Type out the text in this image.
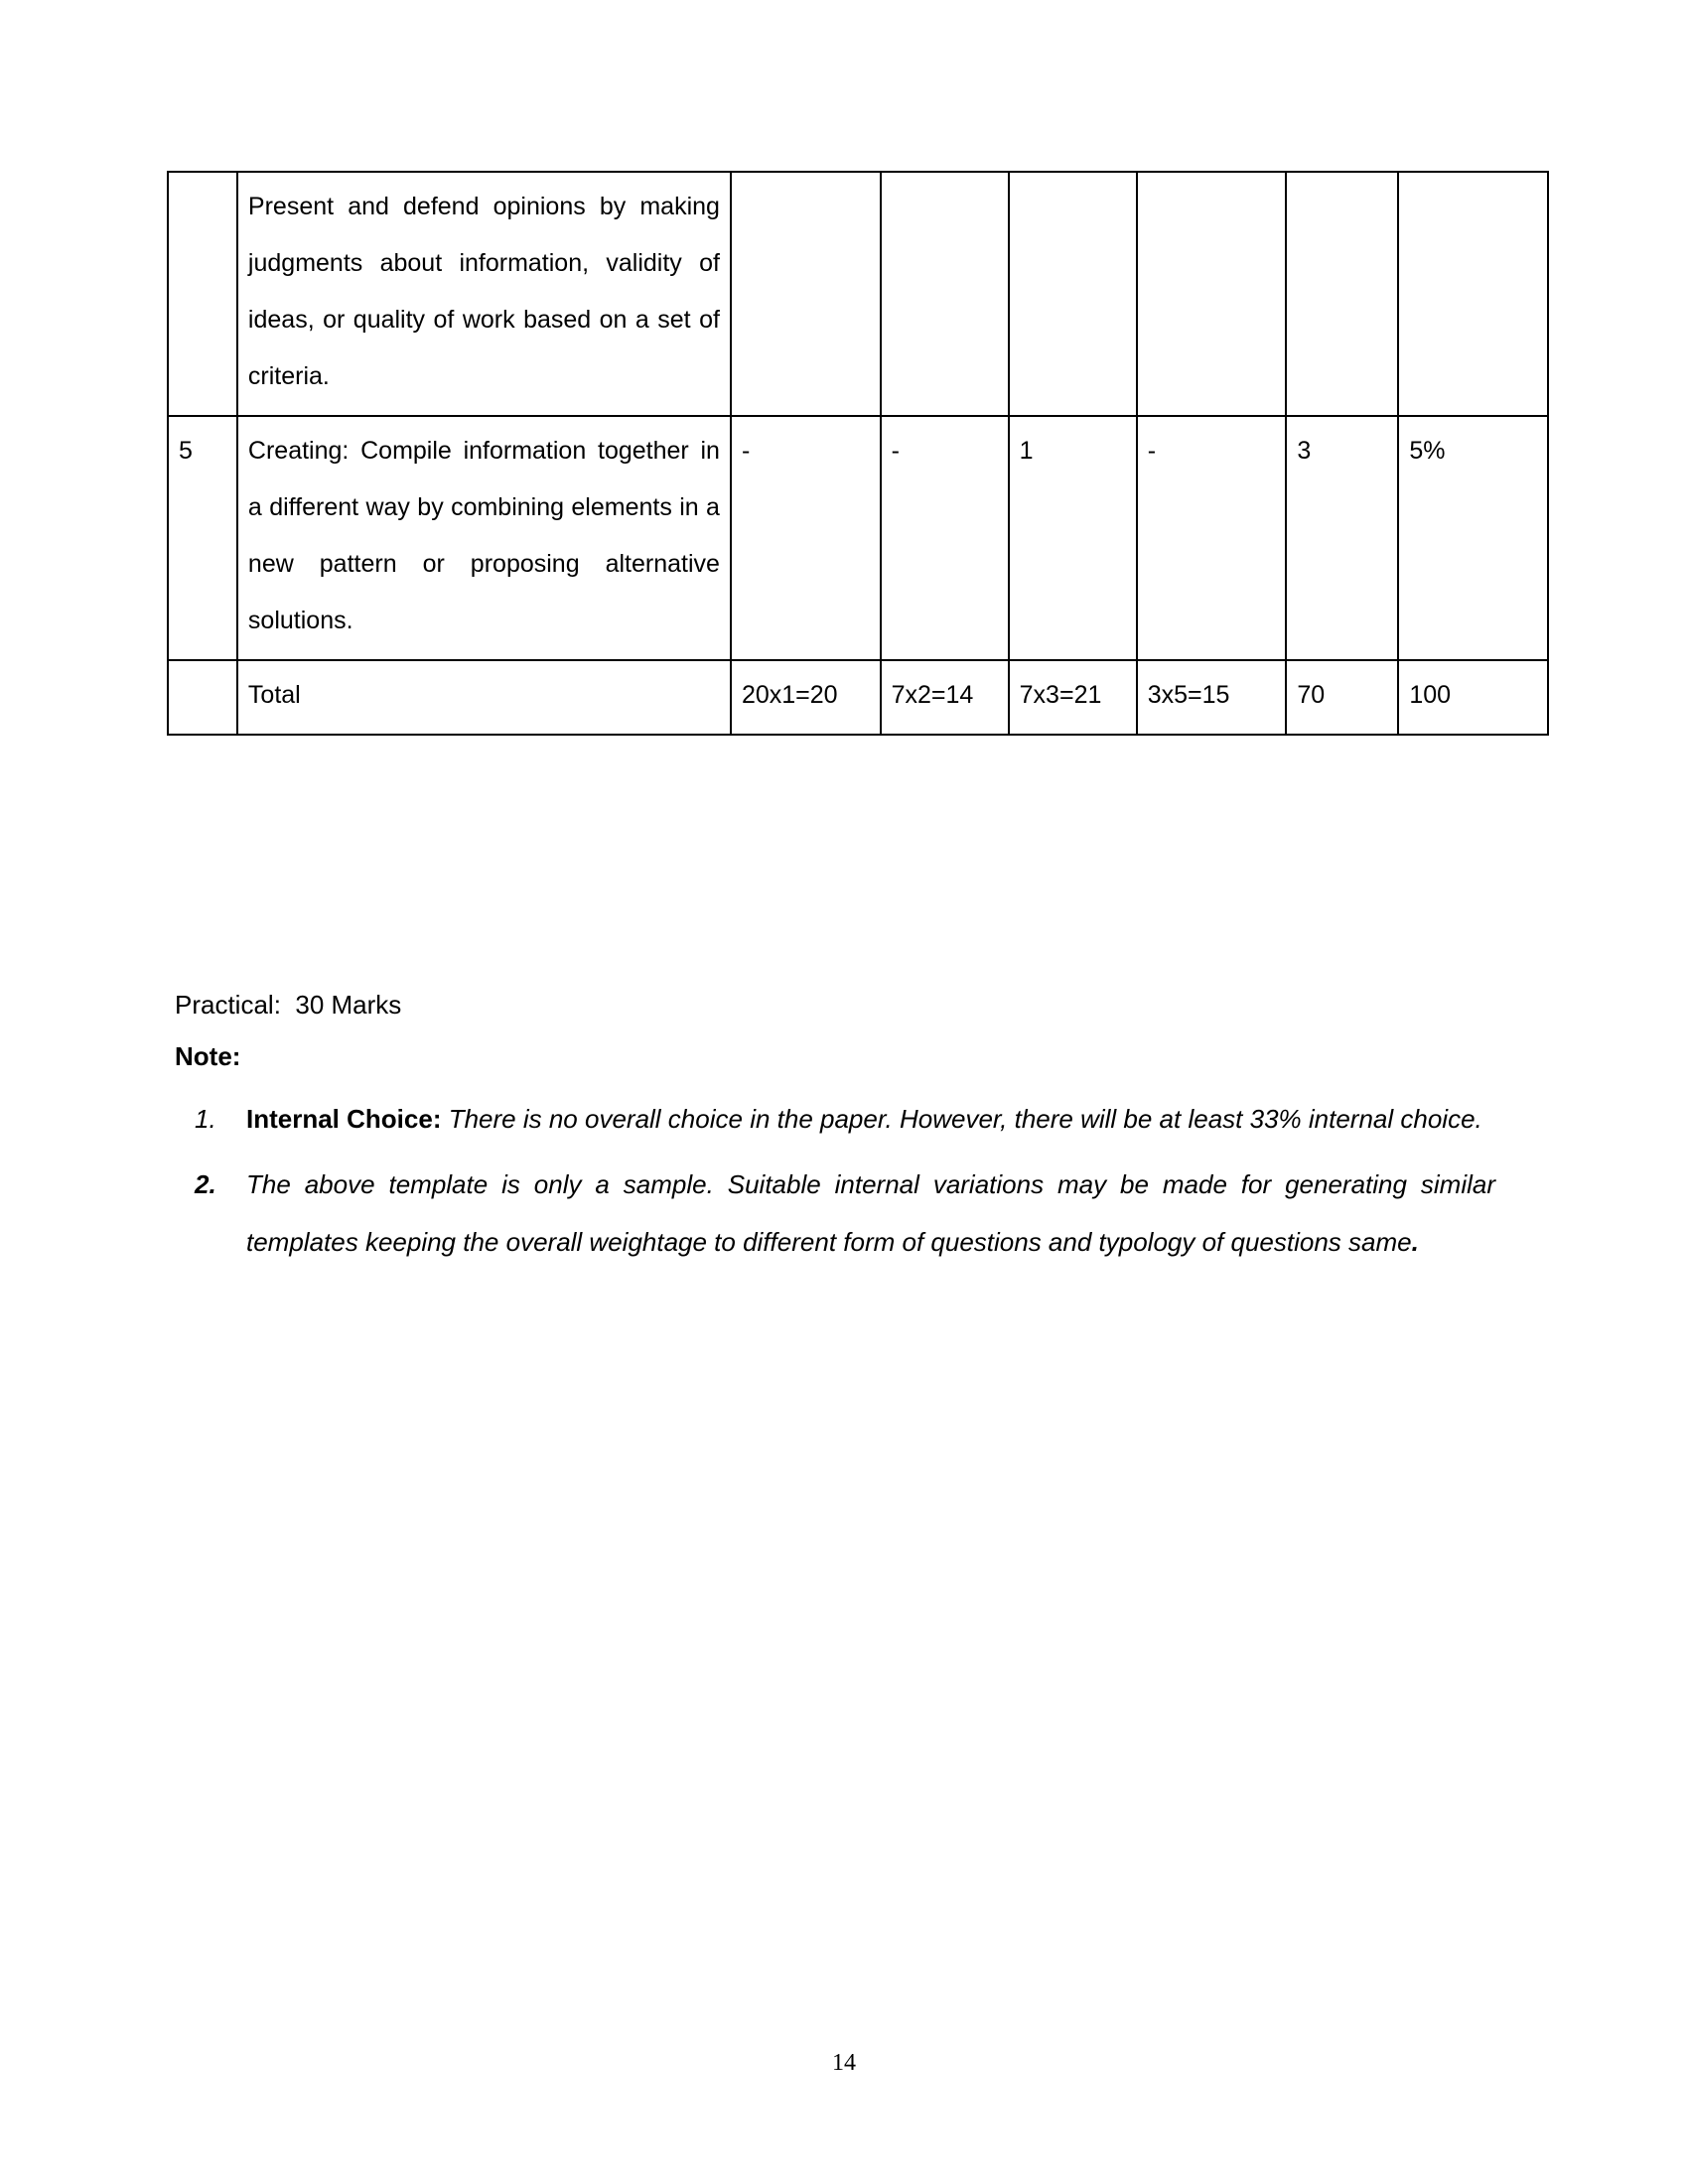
	Present and defend opinions by making judgments about information, validity of ideas, or quality of work based on a set of criteria.						
5	Creating: Compile information together in a different way by combining elements in a new pattern or proposing alternative solutions.	-	-	1	-	3	5%
	Total	20x1=20	7x2=14	7x3=21	3x5=15	70	100
Practical:  30 Marks
Note:
1. Internal Choice: There is no overall choice in the paper. However, there will be at least 33% internal choice.
2. The above template is only a sample. Suitable internal variations may be made for generating similar templates keeping the overall weightage to different form of questions and typology of questions same.
14
